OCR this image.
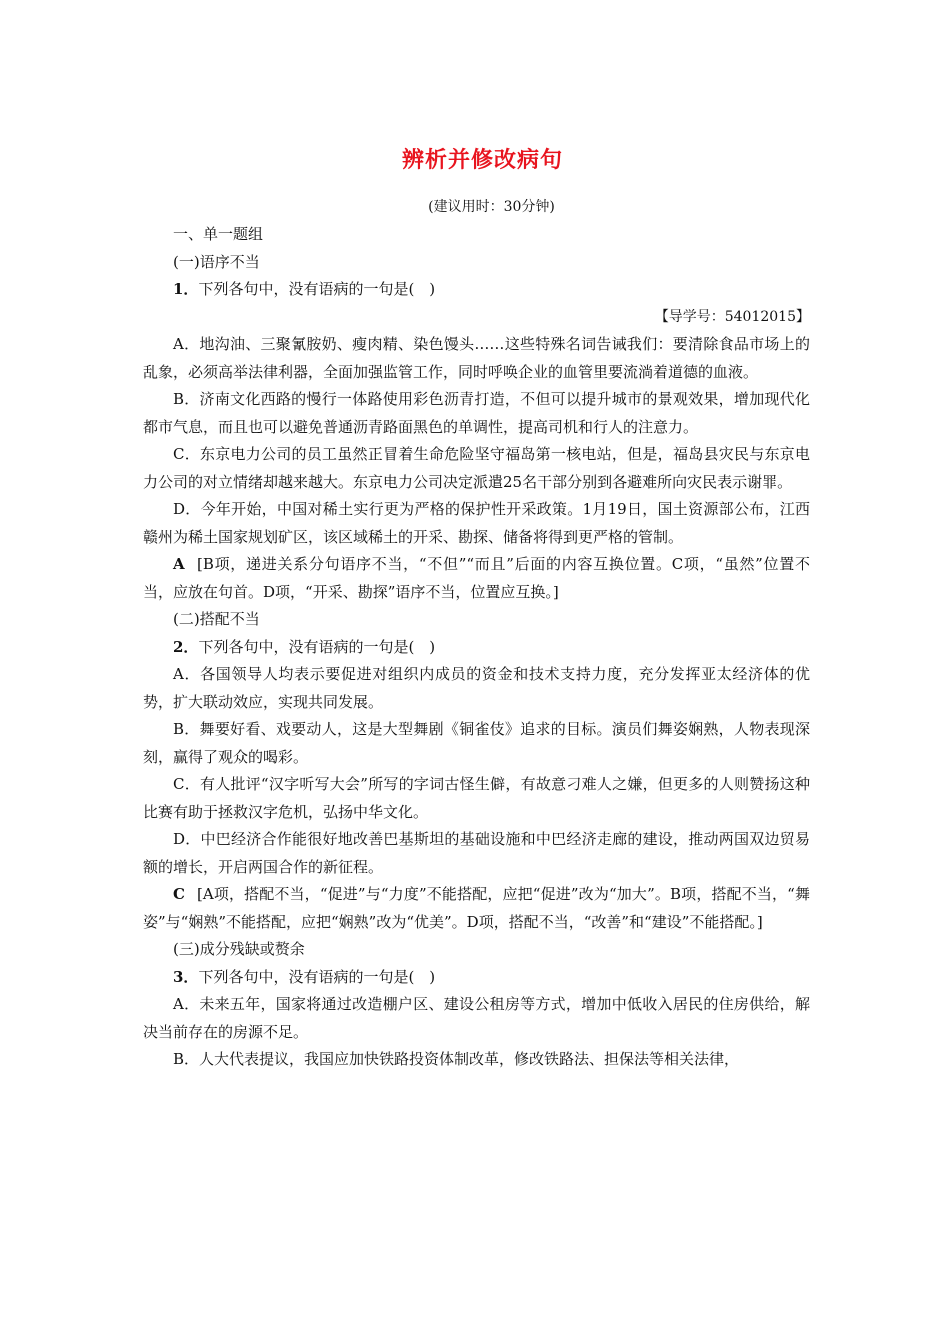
辨析并修改病句
(建议用时：30分钟)

一、单一题组

(一)语序不当

1．下列各句中，没有语病的一句是(　)

【导学号：54012015】

A．地沟油、三聚氰胺奶、瘦肉精、染色馒头……这些特殊名词告诫我们：要清除食品市场上的乱象，必须高举法律利器，全面加强监管工作，同时呼唤企业的血管里要流淌着道德的血液。

B．济南文化西路的慢行一体路使用彩色沥青打造，不但可以提升城市的景观效果，增加现代化都市气息，而且也可以避免普通沥青路面黑色的单调性，提高司机和行人的注意力。

C．东京电力公司的员工虽然正冒着生命危险坚守福岛第一核电站，但是，福岛县灾民与东京电力公司的对立情绪却越来越大。东京电力公司决定派遣25名干部分别到各避难所向灾民表示谢罪。

D．今年开始，中国对稀土实行更为严格的保护性开采政策。1月19日，国土资源部公布，江西赣州为稀土国家规划矿区，该区域稀土的开采、勘探、储备将得到更严格的管制。

A [B项，递进关系分句语序不当，“不但”“而且”后面的内容互换位置。C项，“虽然”位置不当，应放在句首。D项，“开采、勘探”语序不当，位置应互换。]

(二)搭配不当

2．下列各句中，没有语病的一句是(　)

A．各国领导人均表示要促进对组织内成员的资金和技术支持力度，充分发挥亚太经济体的优势，扩大联动效应，实现共同发展。

B．舞要好看、戏要动人，这是大型舞剧《铜雀伎》追求的目标。演员们舞姿娴熟，人物表现深刻，赢得了观众的喝彩。

C．有人批评“汉字听写大会”所写的字词古怪生僻，有故意刁难人之嫌，但更多的人则赞扬这种比赛有助于拯救汉字危机，弘扬中华文化。

D．中巴经济合作能很好地改善巴基斯坦的基础设施和中巴经济走廊的建设，推动两国双边贸易额的增长，开启两国合作的新征程。

C [A项，搭配不当，“促进”与“力度”不能搭配，应把“促进”改为“加大”。B项，搭配不当，“舞姿”与“娴熟”不能搭配，应把“娴熟”改为“优美”。D项，搭配不当，“改善”和“建设”不能搭配。]

(三)成分残缺或赘余

3．下列各句中，没有语病的一句是(　)

A．未来五年，国家将通过改造棚户区、建设公租房等方式，增加中低收入居民的住房供给，解决当前存在的房源不足。

B．人大代表提议，我国应加快铁路投资体制改革，修改铁路法、担保法等相关法律，
